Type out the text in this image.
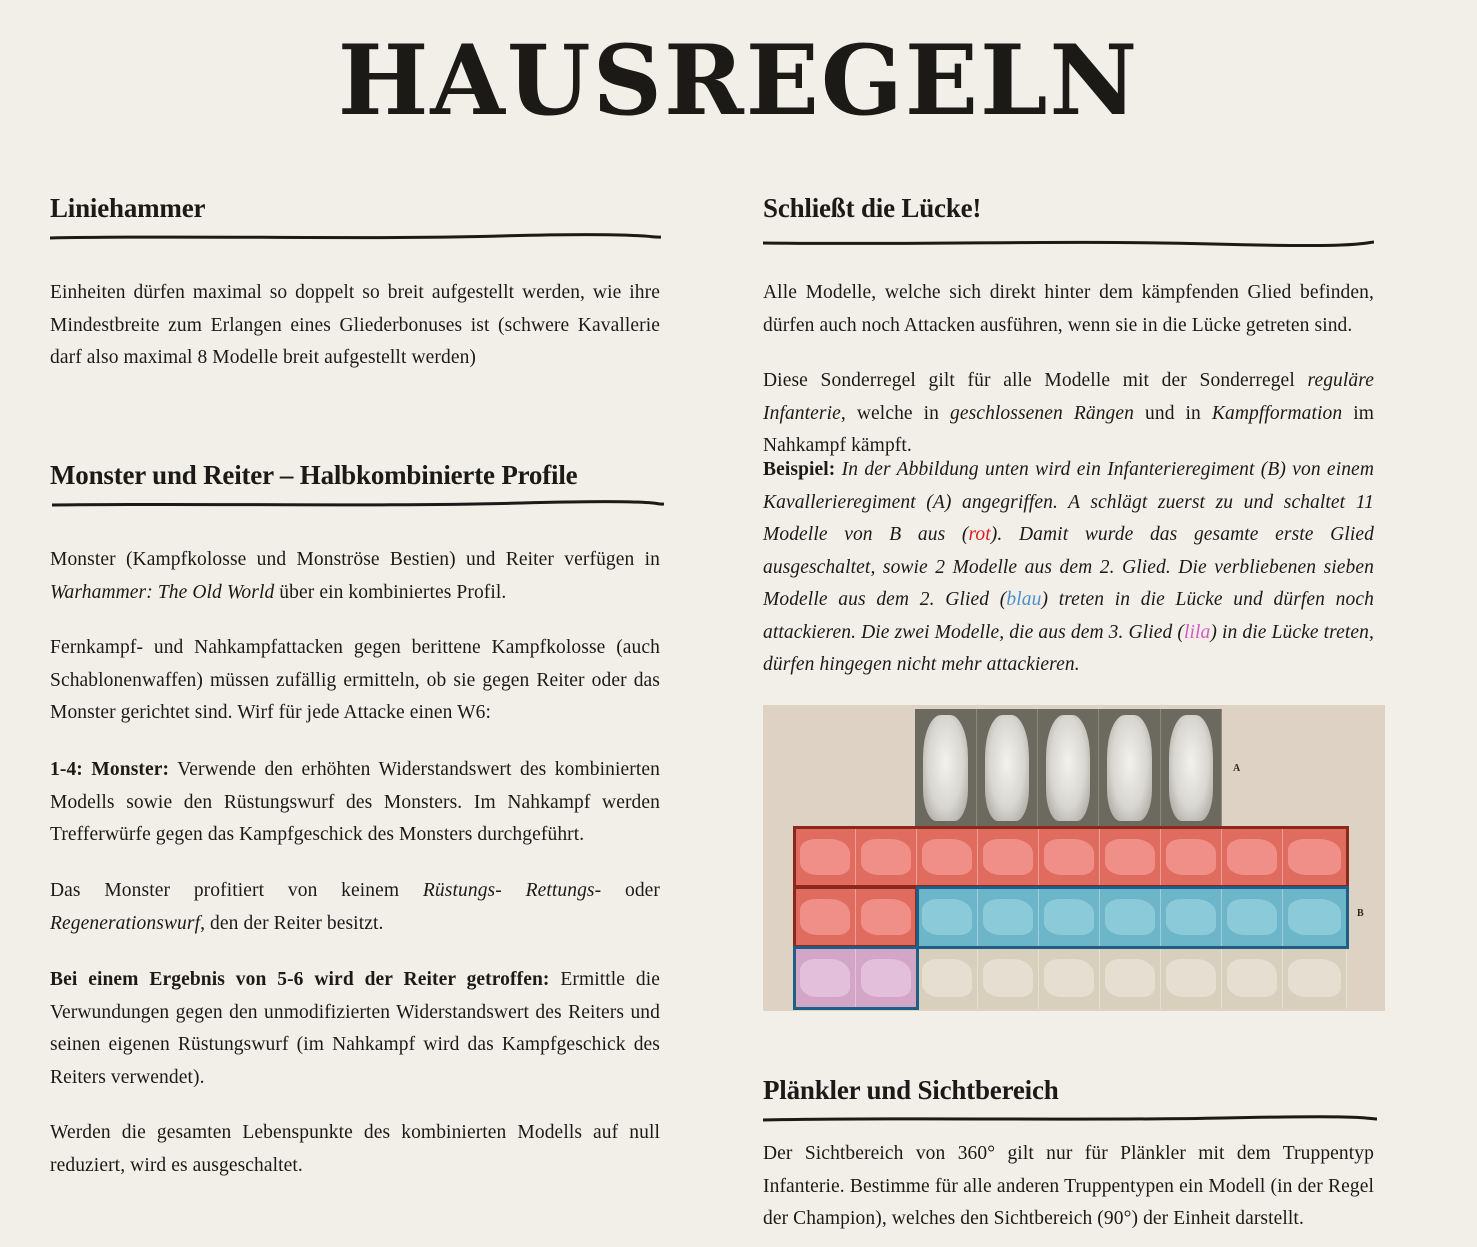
HAUSREGELN
Liniehammer

Einheiten dürfen maximal so doppelt so breit aufgestellt werden, wie ihre Mindestbreite zum Erlangen eines Gliederbonuses ist (schwere Kavallerie darf also maximal 8 Modelle breit aufgestellt werden)

Monster und Reiter – Halbkombinierte Profile

Monster (Kampfkolosse und Monströse Bestien) und Reiter verfügen in Warhammer: The Old World über ein kombiniertes Profil.

Fernkampf- und Nahkampfattacken gegen berittene Kampfkolosse (auch Schablonenwaffen) müssen zufällig ermitteln, ob sie gegen Reiter oder das Monster gerichtet sind. Wirf für jede Attacke einen W6:

1-4: Monster: Verwende den erhöhten Widerstandswert des kombinierten Modells sowie den Rüstungswurf des Monsters. Im Nahkampf werden Trefferwürfe gegen das Kampfgeschick des Monsters durchgeführt.

Das Monster profitiert von keinem Rüstungs- Rettungs- oder Regenerationswurf, den der Reiter besitzt.

Bei einem Ergebnis von 5-6 wird der Reiter getroffen: Ermittle die Verwundungen gegen den unmodifizierten Widerstandswert des Reiters und seinen eigenen Rüstungswurf (im Nahkampf wird das Kampfgeschick des Reiters verwendet).

Werden die gesamten Lebenspunkte des kombinierten Modells auf null reduziert, wird es ausgeschaltet.

Schließt die Lücke!

Alle Modelle, welche sich direkt hinter dem kämpfenden Glied befinden, dürfen auch noch Attacken ausführen, wenn sie in die Lücke getreten sind.

Diese Sonderregel gilt für alle Modelle mit der Sonderregel reguläre Infanterie, welche in geschlossenen Rängen und in Kampfformation im Nahkampf kämpft.

Beispiel: In der Abbildung unten wird ein Infanterieregiment (B) von einem Kavallerieregiment (A) angegriffen. A schlägt zuerst zu und schaltet 11 Modelle von B aus (rot). Damit wurde das gesamte erste Glied ausgeschaltet, sowie 2 Modelle aus dem 2. Glied. Die verbliebenen sieben Modelle aus dem 2. Glied (blau) treten in die Lücke und dürfen noch attackieren. Die zwei Modelle, die aus dem 3. Glied (lila) in die Lücke treten, dürfen hingegen nicht mehr attackieren.

A
B
Plänkler und Sichtbereich

Der Sichtbereich von 360° gilt nur für Plänkler mit dem Truppentyp Infanterie. Bestimme für alle anderen Truppentypen ein Modell (in der Regel der Champion), welches den Sichtbereich (90°) der Einheit darstellt.
